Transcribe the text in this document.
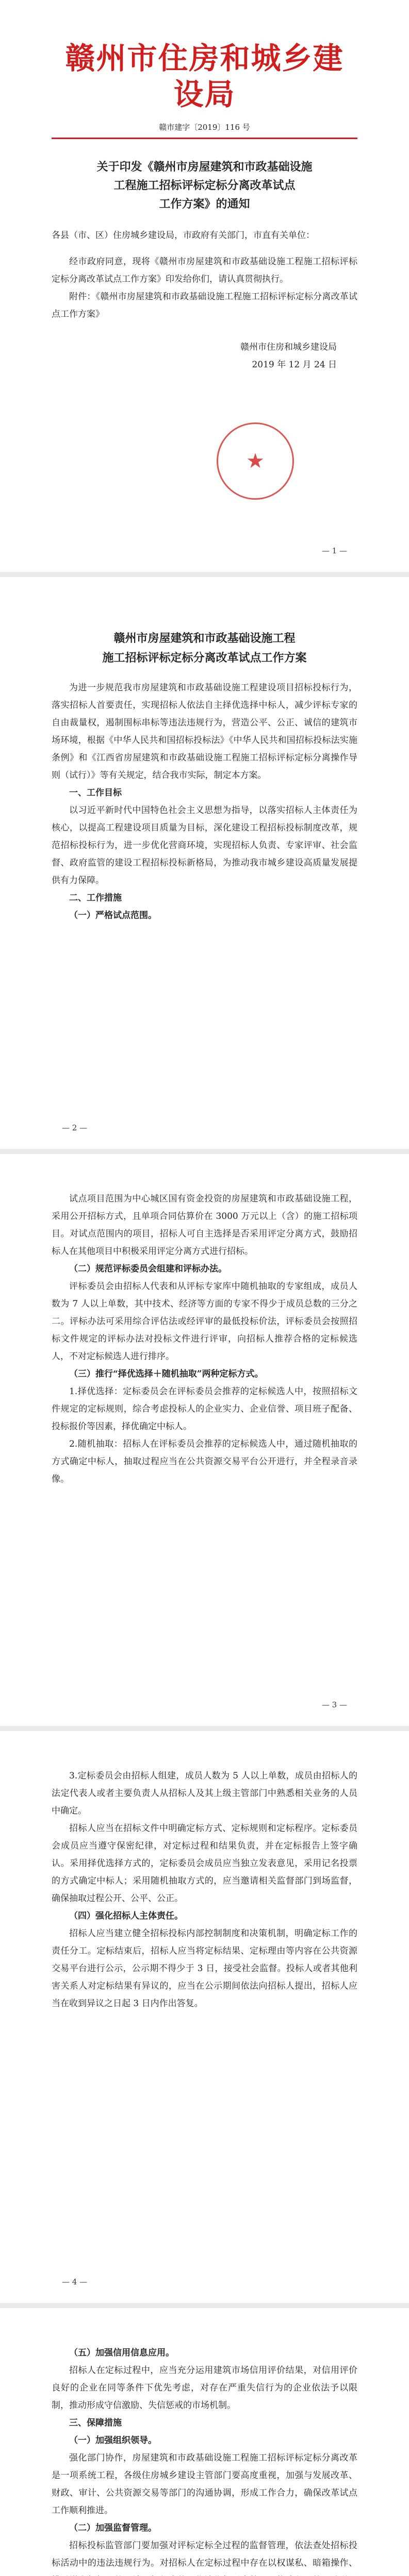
赣州市住房和城乡建设局
赣市建字〔2019〕116 号
关于印发《赣州市房屋建筑和市政基础设施
工程施工招标评标定标分离改革试点
工作方案》的通知

各县（市、区）住房城乡建设局，市政府有关部门，市直有关单位：

经市政府同意，现将《赣州市房屋建筑和市政基础设施工程施工招标评标定标分离改革试点工作方案》印发给你们，请认真贯彻执行。

附件：《赣州市房屋建筑和市政基础设施工程施工招标评标定标分离改革试点工作方案》

赣州市住房和城乡建设局
2019 年 12 月 24 日
★
— 1 —
赣州市房屋建筑和市政基础设施工程
施工招标评标定标分离改革试点工作方案

为进一步规范我市房屋建筑和市政基础设施工程建设项目招标投标行为，落实招标人首要责任，实现招标人依法自主择优选择中标人，减少评标专家的自由裁量权，遏制围标串标等违法违规行为，营造公平、公正、诚信的建筑市场环境，根据《中华人民共和国招标投标法》《中华人民共和国招标投标法实施条例》和《江西省房屋建筑和市政基础设施工程施工招标评标定标分离操作导则（试行）》等有关规定，结合我市实际，制定本方案。

一、工作目标

以习近平新时代中国特色社会主义思想为指导，以落实招标人主体责任为核心，以提高工程建设项目质量为目标，深化建设工程招标投标制度改革，规范招标投标行为，进一步优化营商环境，实现招标人负责、专家评审、社会监督、政府监管的建设工程招标投标新格局，为推动我市城乡建设高质量发展提供有力保障。

二、工作措施

（一）严格试点范围。

— 2 —

试点项目范围为中心城区国有资金投资的房屋建筑和市政基础设施工程，采用公开招标方式，且单项合同估算价在 3000 万元以上（含）的施工招标项目。对试点范围内的项目，招标人可自主选择是否采用评定分离方式，鼓励招标人在其他项目中积极采用评定分离方式进行招标。

（二）规范评标委员会组建和评标办法。

评标委员会由招标人代表和从评标专家库中随机抽取的专家组成，成员人数为 7 人以上单数，其中技术、经济等方面的专家不得少于成员总数的三分之二。评标办法可采用综合评估法或经评审的最低投标价法，评标委员会按照招标文件规定的评标办法对投标文件进行评审，向招标人推荐合格的定标候选人，不对定标候选人进行排序。

（三）推行“择优选择＋随机抽取”两种定标方式。

1.择优选择：定标委员会在评标委员会推荐的定标候选人中，按照招标文件规定的定标规则，综合考虑投标人的企业实力、企业信誉、项目班子配备、投标报价等因素，择优确定中标人。

2.随机抽取：招标人在评标委员会推荐的定标候选人中，通过随机抽取的方式确定中标人，抽取过程应当在公共资源交易平台公开进行，并全程录音录像。

— 3 —

3.定标委员会由招标人组建，成员人数为 5 人以上单数，成员由招标人的法定代表人或者主要负责人从招标人及其上级主管部门中熟悉相关业务的人员中确定。

招标人应当在招标文件中明确定标方式、定标规则和定标程序。定标委员会成员应当遵守保密纪律，对定标过程和结果负责，并在定标报告上签字确认。采用择优选择方式的，定标委员会成员应当独立发表意见，采用记名投票的方式确定中标人；采用随机抽取方式的，应当邀请相关监督部门到场监督，确保抽取过程公开、公平、公正。

（四）强化招标人主体责任。

招标人应当建立健全招标投标内部控制制度和决策机制，明确定标工作的责任分工。定标结束后，招标人应当将定标结果、定标理由等内容在公共资源交易平台进行公示，公示期不得少于 3 日，接受社会监督。投标人或者其他利害关系人对定标结果有异议的，应当在公示期间依法向招标人提出，招标人应当在收到异议之日起 3 日内作出答复。

— 4 —

（五）加强信用信息应用。

招标人在定标过程中，应当充分运用建筑市场信用评价结果，对信用评价良好的企业在同等条件下优先考虑，对存在严重失信行为的企业依法予以限制，推动形成守信激励、失信惩戒的市场机制。

三、保障措施

（一）加强组织领导。

强化部门协作，房屋建筑和市政基础设施工程施工招标评标定标分离改革是一项系统工程，各级住房城乡建设主管部门要高度重视，加强与发展改革、财政、审计、公共资源交易等部门的沟通协调，形成工作合力，确保改革试点工作顺利推进。

（二）加强监督管理。

招标投标监管部门要加强对评标定标全过程的监督管理，依法查处招标投标活动中的违法违规行为。对招标人在定标过程中存在以权谋私、暗箱操作、
